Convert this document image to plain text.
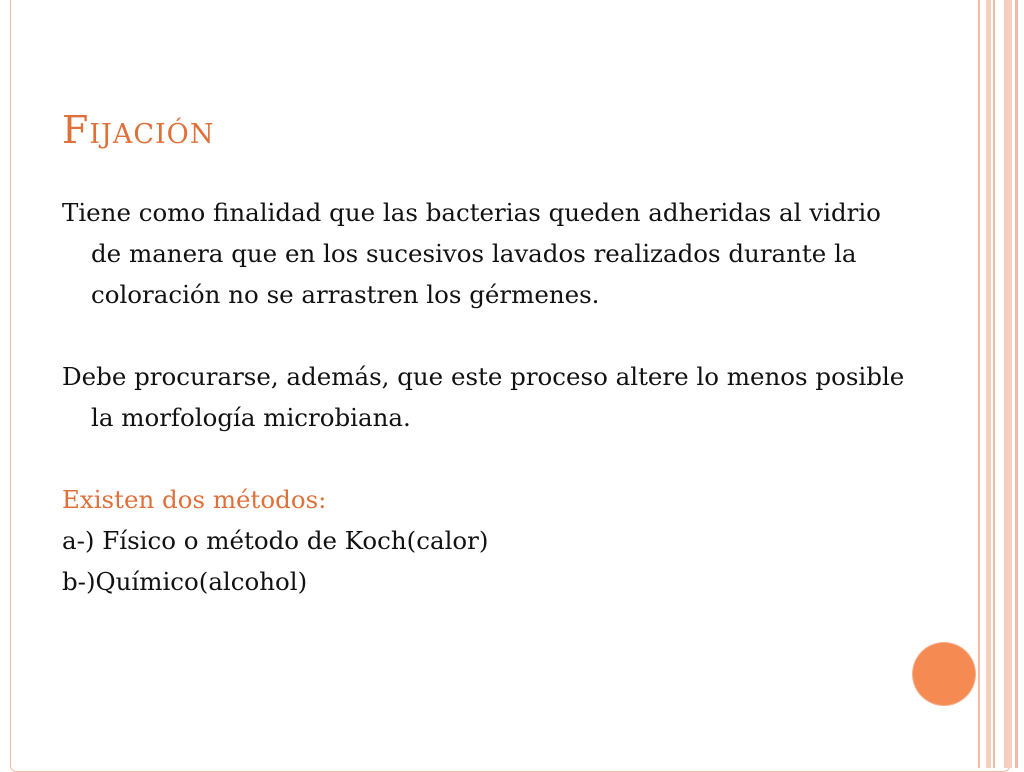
Fijación

Tiene como finalidad que las bacterias queden adheridas al vidrio de manera que en los sucesivos lavados realizados durante la coloración no se arrastren los gérmenes.

Debe procurarse, además, que este proceso altere lo menos posible la morfología microbiana.

Existen dos métodos:

a-) Físico o método de Koch(calor)

b-)Químico(alcohol)
